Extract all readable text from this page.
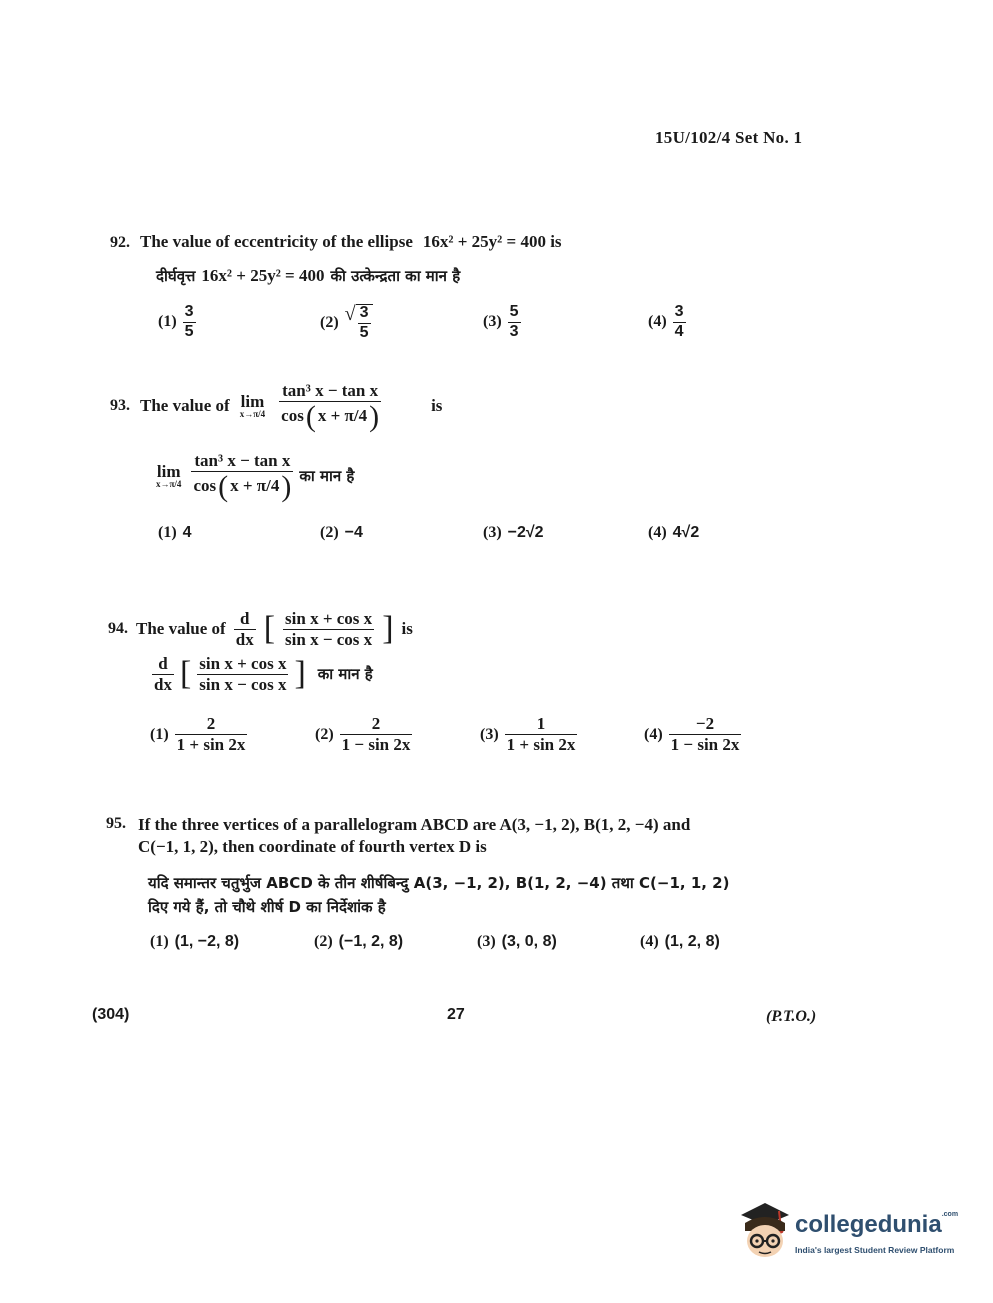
15U/102/4 Set No. 1
92. The value of eccentricity of the ellipse 16x² + 25y² = 400 is
दीर्घवृत्त 16x² + 25y² = 400 की उत्केन्द्रता का मान है
$(1) \frac{3}{5}$	(2) √ $\frac{3}{5}$	$(3) \frac{5}{3}$	$(4) \frac{3}{4}$
93. The value of lim
$x\to\pi/4 \frac{\text{tan³ x − tan x}}{\cos ( x + \pi/4 )}$	is
lim
$x\to\pi/4 \frac{\text{tan³ x − tan x}}{\cos ( x + \pi/4 )}$ का मान है
(1) 4	(2) −4	(3) −2√2	(4) 4√2
94. The value of $\frac{d}{dx}$ [ $\frac{\text{sin x + cos x}}{\text{sin x − cos x}}$ ] is
$\frac{d}{dx}$ [ $\frac{\text{sin x + cos x}}{\text{sin x − cos x}}$ ] का मान है
$(1) \frac{2}{1 + \sin 2x}$	$(2) \frac{2}{1 - \sin 2x}$	$(3) \frac{1}{1 + \sin 2x}$	$(4) \frac{-2}{1 - \sin 2x}$
95. If the three vertices of a parallelogram ABCD are A(3, −1, 2), B(1, 2, −4) and
C(−1, 1, 2), then coordinate of fourth vertex D is
यदि समान्तर चतुर्भुज ABCD के तीन शीर्षबिन्दु A(3, −1, 2), B(1, 2, −4) तथा C(−1, 1, 2)
दिए गये हैं, तो चौथे शीर्ष D का निर्देशांक है
(1) (1, −2, 8)	(2) (−1, 2, 8)	(3) (3, 0, 8)	(4) (1, 2, 8)
(304)	27	(P.T.O.)
collegedunia$^{.com}$
India's largest Student Review Platform
